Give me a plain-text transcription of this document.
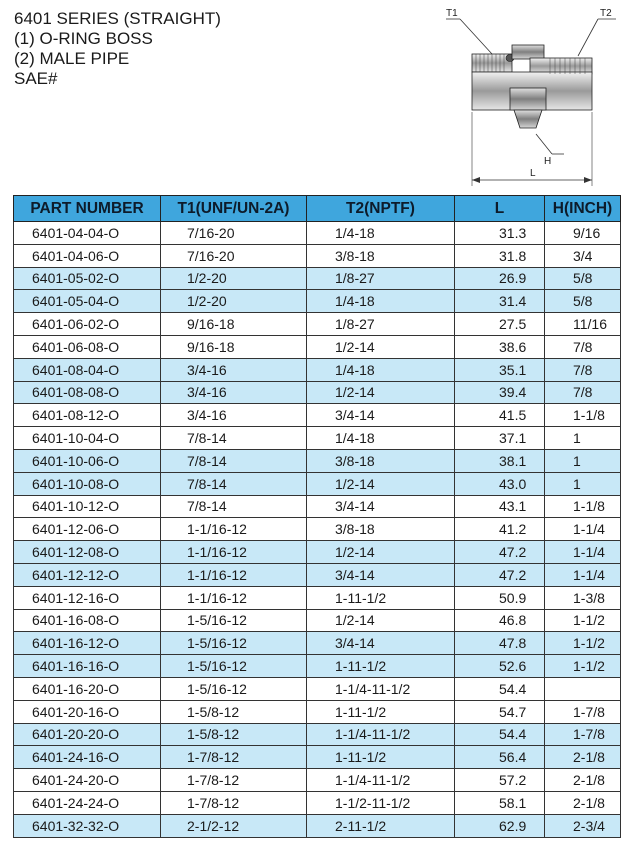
6401 SERIES (STRAIGHT)
(1) O-RING BOSS
(2) MALE PIPE
SAE#
T1	T2
H
L
PART NUMBER	T1(UNF/UN-2A)	T2(NPTF)	L	H(INCH)
6401-04-04-O	7/16-20	1/4-18	31.3	9/16
6401-04-06-O	7/16-20	3/8-18	31.8	3/4
6401-05-02-O	1/2-20	1/8-27	26.9	5/8
6401-05-04-O	1/2-20	1/4-18	31.4	5/8
6401-06-02-O	9/16-18	1/8-27	27.5	11/16
6401-06-08-O	9/16-18	1/2-14	38.6	7/8
6401-08-04-O	3/4-16	1/4-18	35.1	7/8
6401-08-08-O	3/4-16	1/2-14	39.4	7/8
6401-08-12-O	3/4-16	3/4-14	41.5	1-1/8
6401-10-04-O	7/8-14	1/4-18	37.1	1
6401-10-06-O	7/8-14	3/8-18	38.1	1
6401-10-08-O	7/8-14	1/2-14	43.0	1
6401-10-12-O	7/8-14	3/4-14	43.1	1-1/8
6401-12-06-O	1-1/16-12	3/8-18	41.2	1-1/4
6401-12-08-O	1-1/16-12	1/2-14	47.2	1-1/4
6401-12-12-O	1-1/16-12	3/4-14	47.2	1-1/4
6401-12-16-O	1-1/16-12	1-11-1/2	50.9	1-3/8
6401-16-08-O	1-5/16-12	1/2-14	46.8	1-1/2
6401-16-12-O	1-5/16-12	3/4-14	47.8	1-1/2
6401-16-16-O	1-5/16-12	1-11-1/2	52.6	1-1/2
6401-16-20-O	1-5/16-12	1-1/4-11-1/2	54.4	
6401-20-16-O	1-5/8-12	1-11-1/2	54.7	1-7/8
6401-20-20-O	1-5/8-12	1-1/4-11-1/2	54.4	1-7/8
6401-24-16-O	1-7/8-12	1-11-1/2	56.4	2-1/8
6401-24-20-O	1-7/8-12	1-1/4-11-1/2	57.2	2-1/8
6401-24-24-O	1-7/8-12	1-1/2-11-1/2	58.1	2-1/8
6401-32-32-O	2-1/2-12	2-11-1/2	62.9	2-3/4
